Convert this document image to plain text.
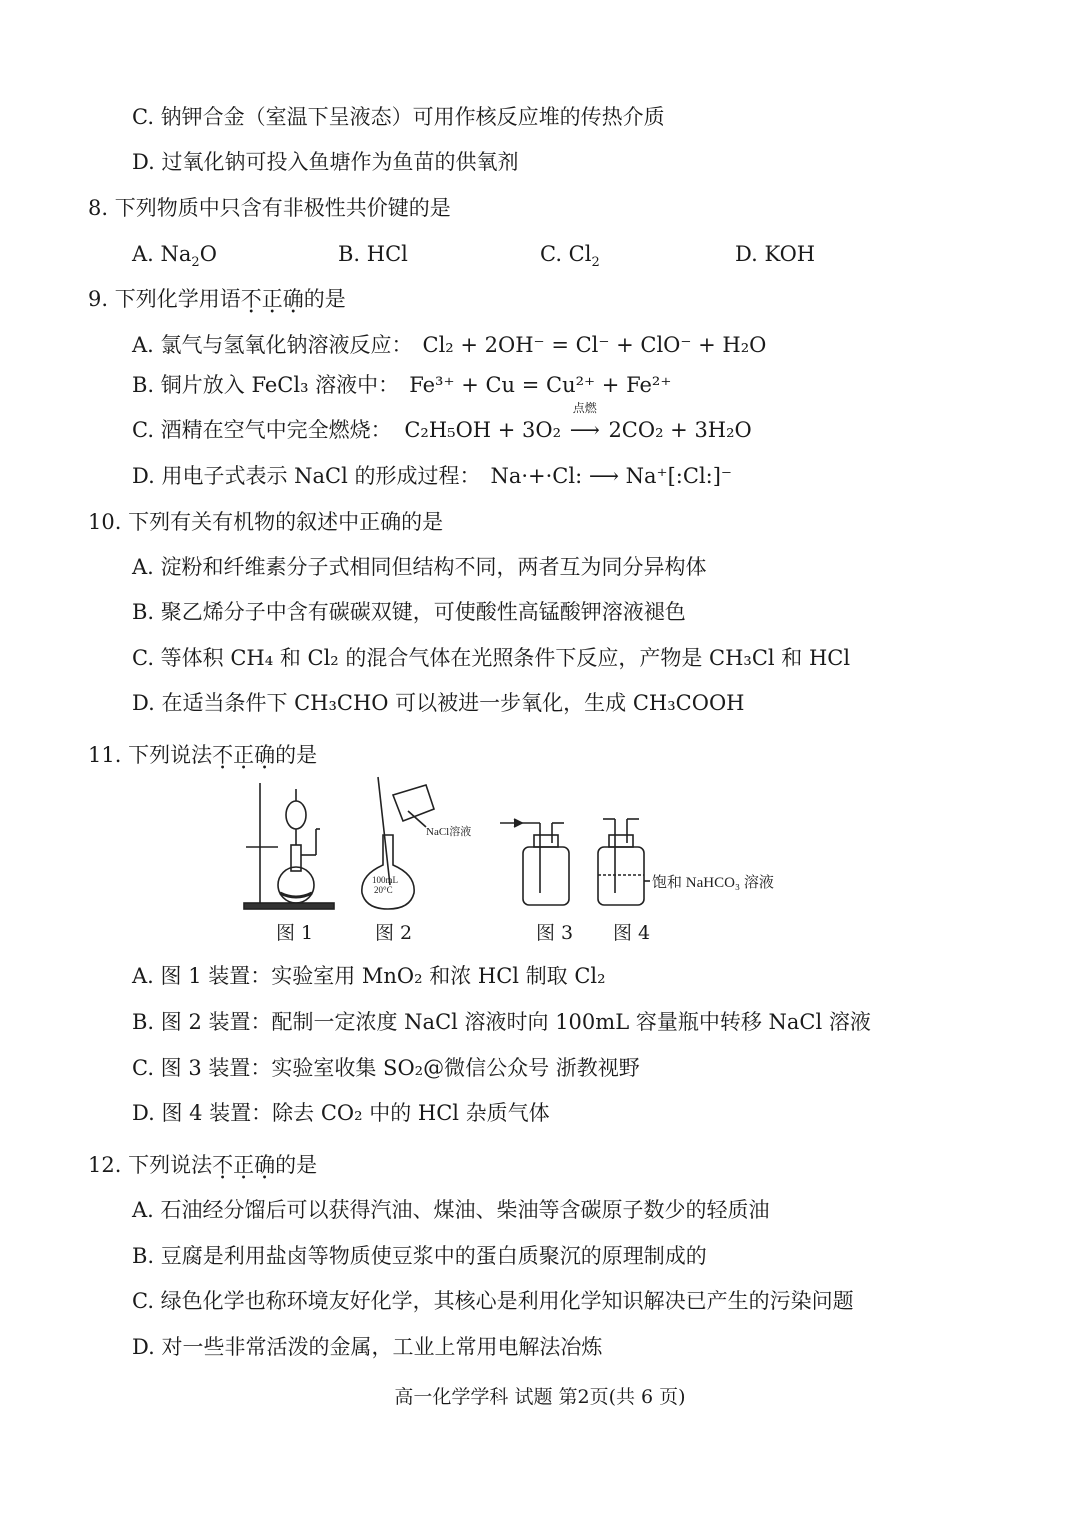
C. 钠钾合金（室温下呈液态）可用作核反应堆的传热介质
D. 过氧化钠可投入鱼塘作为鱼苗的供氧剂
8. 下列物质中只含有非极性共价键的是
A. $Na_2O$	B. HCl	C. $Cl_2$	D. KOH
9. 下列化学用语不正确的是
A. 氯气与氢氧化钠溶液反应： Cl₂ + 2OH⁻ = Cl⁻ + ClO⁻ + H₂O
B. 铜片放入 FeCl₃ 溶液中： Fe³⁺ + Cu = Cu²⁺ + Fe²⁺
C. 酒精在空气中完全燃烧： C₂H₅OH + 3O₂
点燃
⟶ 2CO₂ + 3H₂O
D. 用电子式表示 NaCl 的形成过程： Na·+·Cl: ⟶ Na⁺[:Cl:]⁻
10. 下列有关有机物的叙述中正确的是
A. 淀粉和纤维素分子式相同但结构不同，两者互为同分异构体
B. 聚乙烯分子中含有碳碳双键，可使酸性高锰酸钾溶液褪色
C. 等体积 CH₄ 和 Cl₂ 的混合气体在光照条件下反应，产物是 CH₃Cl 和 HCl
D. 在适当条件下 CH₃CHO 可以被进一步氧化，生成 CH₃COOH
11. 下列说法不正确的是
NaCl溶液
100mL
20°C	饱和 NaHCO₃ 溶液
图 1	图 2	图 3 图 4
A. 图 1 装置：实验室用 MnO₂ 和浓 HCl 制取 Cl₂
B. 图 2 装置：配制一定浓度 NaCl 溶液时向 100mL 容量瓶中转移 NaCl 溶液
C. 图 3 装置：实验室收集 SO₂@微信公众号 浙教视野
D. 图 4 装置：除去 CO₂ 中的 HCl 杂质气体
12. 下列说法不正确的是
A. 石油经分馏后可以获得汽油、煤油、柴油等含碳原子数少的轻质油
B. 豆腐是利用盐卤等物质使豆浆中的蛋白质聚沉的原理制成的
C. 绿色化学也称环境友好化学，其核心是利用化学知识解决已产生的污染问题
D. 对一些非常活泼的金属，工业上常用电解法冶炼
高一化学学科 试题 第2页(共 6 页)
